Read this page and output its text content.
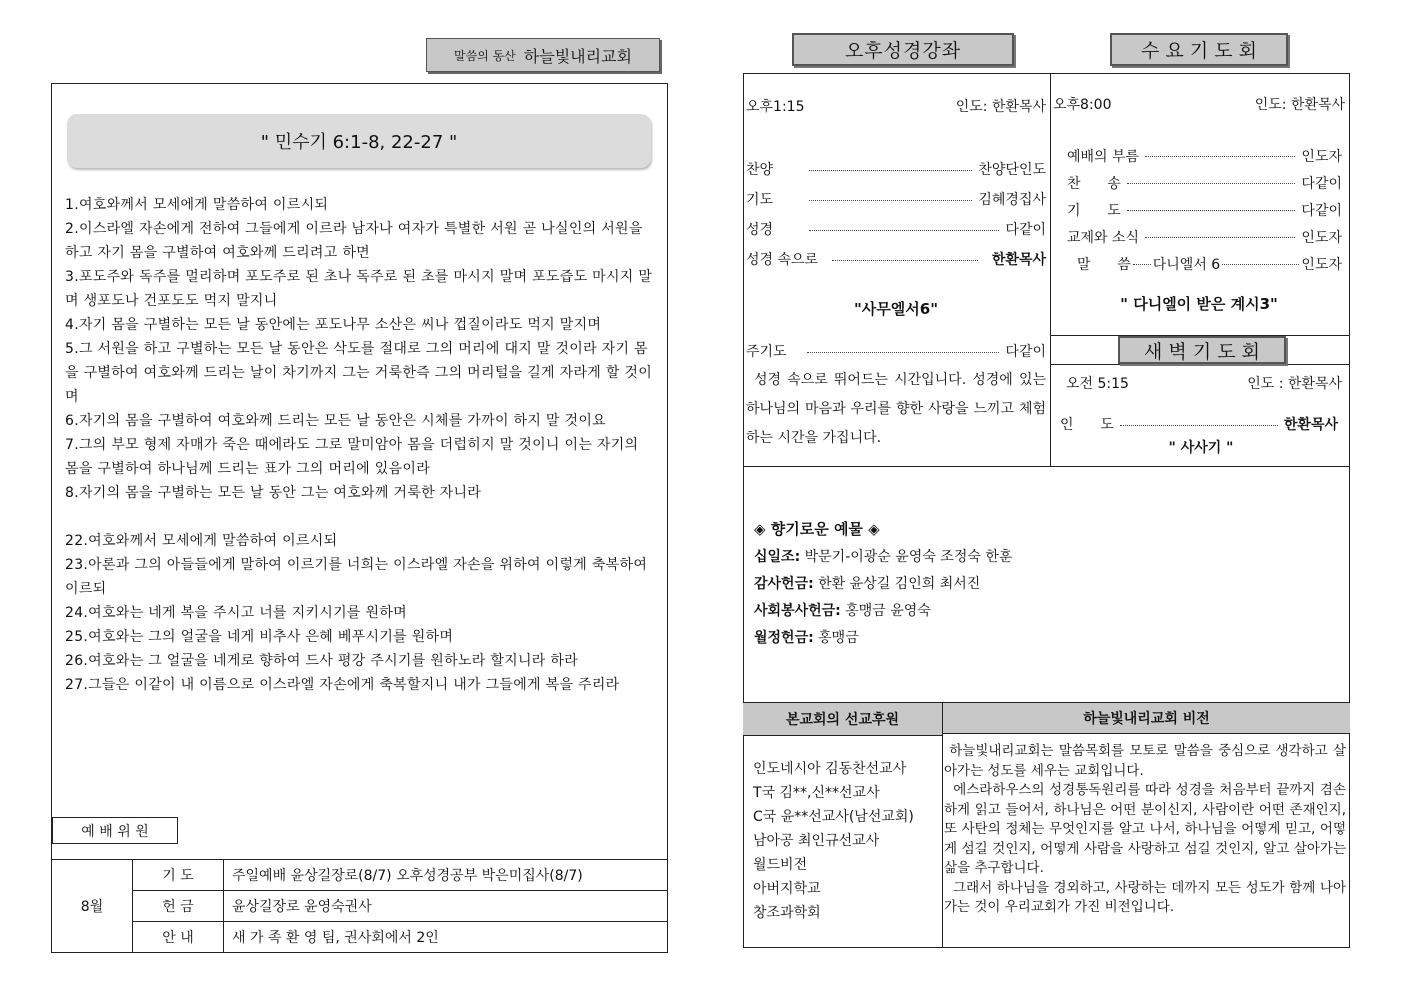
말씀의 동산 하늘빛내리교회
" 민수기 6:1-8, 22-27 "
1.여호와께서 모세에게 말씀하여 이르시되
2.이스라엘 자손에게 전하여 그들에게 이르라 남자나 여자가 특별한 서원 곧 나실인의 서원을 하고 자기 몸을 구별하여 여호와께 드리려고 하면
3.포도주와 독주를 멀리하며 포도주로 된 초나 독주로 된 초를 마시지 말며 포도즙도 마시지 말며 생포도나 건포도도 먹지 말지니
4.자기 몸을 구별하는 모든 날 동안에는 포도나무 소산은 씨나 껍질이라도 먹지 말지며
5.그 서원을 하고 구별하는 모든 날 동안은 삭도를 절대로 그의 머리에 대지 말 것이라 자기 몸을 구별하여 여호와께 드리는 날이 차기까지 그는 거룩한즉 그의 머리털을 길게 자라게 할 것이며
6.자기의 몸을 구별하여 여호와께 드리는 모든 날 동안은 시체를 가까이 하지 말 것이요
7.그의 부모 형제 자매가 죽은 때에라도 그로 말미암아 몸을 더럽히지 말 것이니 이는 자기의 몸을 구별하여 하나님께 드리는 표가 그의 머리에 있음이라
8.자기의 몸을 구별하는 모든 날 동안 그는 여호와께 거룩한 자니라
22.여호와께서 모세에게 말씀하여 이르시되
23.아론과 그의 아들들에게 말하여 이르기를 너희는 이스라엘 자손을 위하여 이렇게 축복하여 이르되
24.여호와는 네게 복을 주시고 너를 지키시기를 원하며
25.여호와는 그의 얼굴을 네게 비추사 은혜 베푸시기를 원하며
26.여호와는 그 얼굴을 네게로 향하여 드사 평강 주시기를 원하노라 할지니라 하라
27.그들은 이같이 내 이름으로 이스라엘 자손에게 축복할지니 내가 그들에게 복을 주리라
예 배 위 원
8월	기 도	주일예배 윤상길장로(8/7) 오후성경공부 박은미집사(8/7)
	헌 금	윤상길장로 윤영숙권사
	안 내	새 가 족 환 영 팀, 권사회에서 2인
오후성경강좌	수 요 기 도 회
오후1:15	인도: 한환목사
찬양	찬양단인도
기도	김혜경집사
성경	다같이
성경 속으로	한환목사
"사무엘서6"
주기도	다같이
성경 속으로 뛰어드는 시간입니다. 성경에 있는 하나님의 마음과 우리를 향한 사랑을 느끼고 체험하는 시간을 가집니다.
오후8:00	인도: 한환목사
예배의 부름	인도자
찬      송	다같이
기      도	다같이
교제와 소식	인도자
말      씀 다니엘서 6	인도자
" 다니엘이 받은 계시3"
새 벽 기 도 회
오전 5:15	인도 : 한환목사
인      도	한환목사
" 사사기 "
◈ 향기로운 예물 ◈
십일조: 박문기-이광순 윤영숙 조정숙 한훈
감사헌금: 한환 윤상길 김인희 최서진
사회봉사헌금: 홍맹금 윤영숙
월정헌금: 홍맹금
본교회의 선교후원	하늘빛내리교회 비전
인도네시아 김동찬선교사
T국 김**,신**선교사
C국 윤**선교사(남선교회)
남아공 최인규선교사
월드비전
아버지학교
창조과학회
하늘빛내리교회는 말씀목회를 모토로 말씀을 중심으로 생각하고 살아가는 성도를 세우는 교회입니다.
에스라하우스의 성경통독원리를 따라 성경을 처음부터 끝까지 겸손하게 읽고 들어서, 하나님은 어떤 분이신지, 사람이란 어떤 존재인지, 또 사탄의 정체는 무엇인지를 알고 나서, 하나님을 어떻게 믿고, 어떻게 섬길 것인지, 어떻게 사람을 사랑하고 섬길 것인지, 알고 살아가는 삶을 추구합니다.
그래서 하나님을 경외하고, 사랑하는 데까지 모든 성도가 함께 나아가는 것이 우리교회가 가진 비전입니다.
